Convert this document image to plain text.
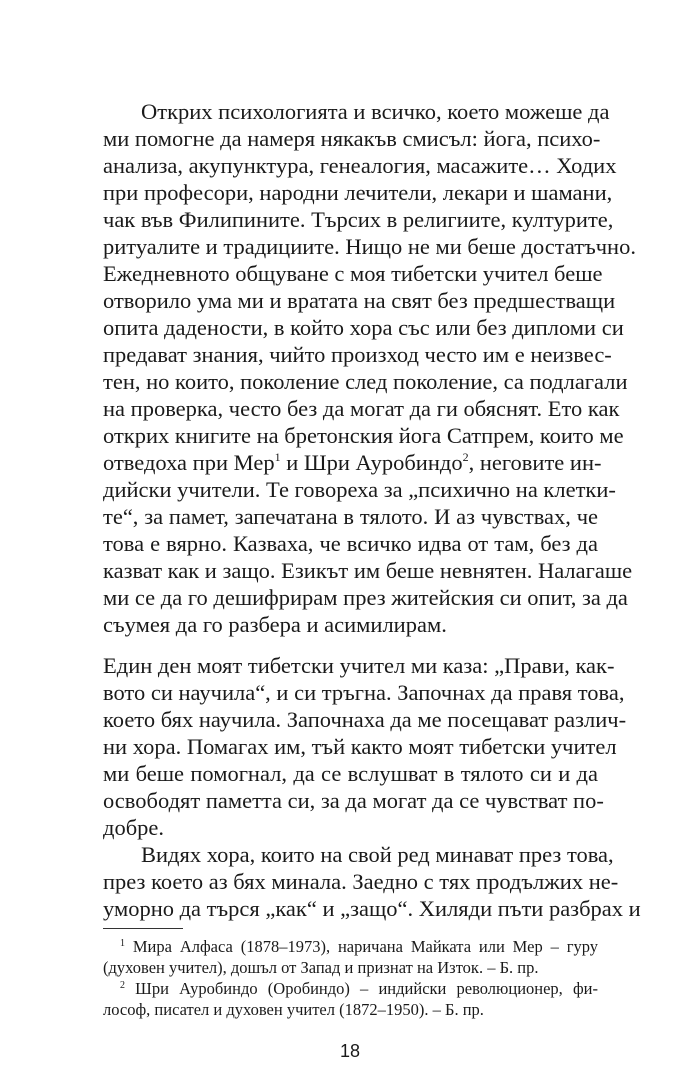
Открих психологията и всичко, което можеше да
ми помогне да намеря някакъв смисъл: йога, психо-
анализа, акупунктура, генеалогия, масажите… Ходих
при професори, народни лечители, лекари и шамани,
чак във Филипините. Търсих в религиите, културите,
ритуалите и традициите. Нищо не ми беше достатъчно.
Ежедневното общуване с моя тибетски учител беше
отворило ума ми и вратата на свят без предшестващи
опита дадености, в който хора със или без дипломи си
предават знания, чийто произход често им е неизвес-
тен, но които, поколение след поколение, са подлагали
на проверка, често без да могат да ги обяснят. Ето как
открих книгите на бретонския йога Сатпрем, които ме
отведоха при Мер$^1$ и Шри Ауробиндо$^2$, неговите ин-
дийски учители. Те говореха за „психично на клетки-
те“, за памет, запечатана в тялото. И аз чувствах, че
това е вярно. Казваха, че всичко идва от там, без да
казват как и защо. Езикът им беше невнятен. Налагаше
ми се да го дешифрирам през житейския си опит, за да
съумея да го разбера и асимилирам.
Един ден моят тибетски учител ми каза: „Прави, как-
вото си научила“, и си тръгна. Започнах да правя това,
което бях научила. Започнаха да ме посещават различ-
ни хора. Помагах им, тъй както моят тибетски учител
ми беше помогнал, да се вслушват в тялото си и да
освободят паметта си, за да могат да се чувстват по-
добре.
Видях хора, които на свой ред минават през това,
през което аз бях минала. Заедно с тях продължих не-
уморно да търся „как“ и „защо“. Хиляди пъти разбрах и
$^1$ Мира Алфаса (1878–1973), наричана Майката или Мер – гуру
(духовен учител), дошъл от Запад и признат на Изток. – Б. пр.
$^2$ Шри Ауробиндо (Оробиндо) – индийски революционер, фи-
лософ, писател и духовен учител (1872–1950). – Б. пр.
18
